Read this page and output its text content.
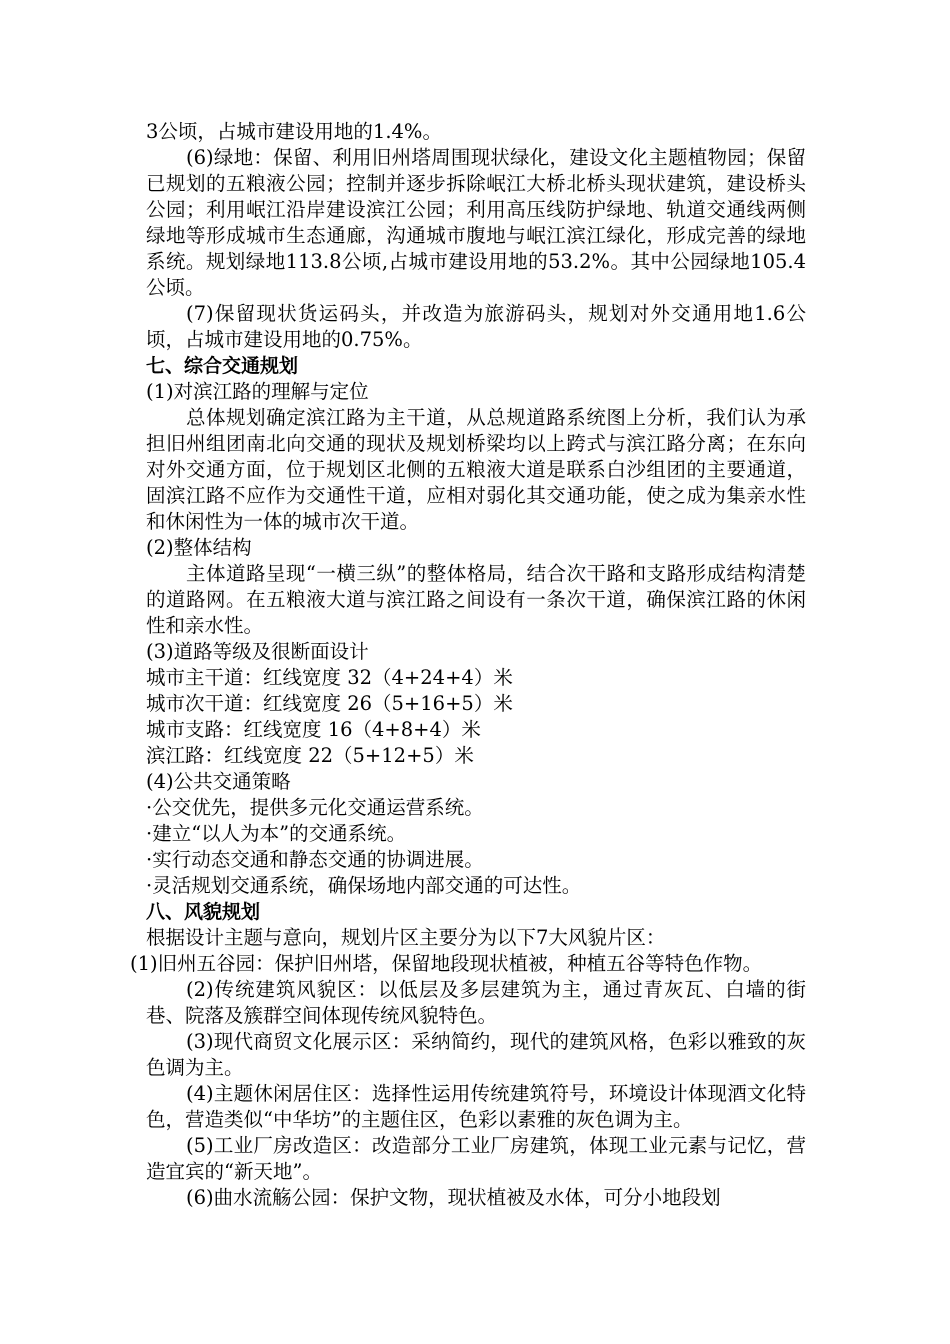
3公顷，占城市建设用地的1.4%。

(6)绿地：保留、利用旧州塔周围现状绿化，建设文化主题植物园；保留已规划的五粮液公园；控制并逐步拆除岷江大桥北桥头现状建筑，建设桥头公园；利用岷江沿岸建设滨江公园；利用高压线防护绿地、轨道交通线两侧绿地等形成城市生态通廊，沟通城市腹地与岷江滨江绿化，形成完善的绿地系统。规划绿地113.8公顷,占城市建设用地的53.2%。其中公园绿地105.4公顷。

(7)保留现状货运码头，并改造为旅游码头，规划对外交通用地1.6公顷，占城市建设用地的0.75%。

七、综合交通规划

(1)对滨江路的理解与定位

总体规划确定滨江路为主干道，从总规道路系统图上分析，我们认为承担旧州组团南北向交通的现状及规划桥梁均以上跨式与滨江路分离；在东向对外交通方面，位于规划区北侧的五粮液大道是联系白沙组团的主要通道，固滨江路不应作为交通性干道，应相对弱化其交通功能，使之成为集亲水性和休闲性为一体的城市次干道。

(2)整体结构

主体道路呈现“一横三纵”的整体格局，结合次干路和支路形成结构清楚的道路网。在五粮液大道与滨江路之间设有一条次干道，确保滨江路的休闲性和亲水性。

(3)道路等级及很断面设计

城市主干道：红线宽度 32（4+24+4）米

城市次干道：红线宽度 26（5+16+5）米

城市支路：红线宽度 16（4+8+4）米

滨江路：红线宽度 22（5+12+5）米

(4)公共交通策略

·公交优先，提供多元化交通运营系统。

·建立“以人为本”的交通系统。

·实行动态交通和静态交通的协调进展。

·灵活规划交通系统，确保场地内部交通的可达性。

八、风貌规划

根据设计主题与意向，规划片区主要分为以下7大风貌片区：

(1)旧州五谷园：保护旧州塔，保留地段现状植被，种植五谷等特色作物。

(2)传统建筑风貌区：以低层及多层建筑为主，通过青灰瓦、白墙的街巷、院落及簇群空间体现传统风貌特色。

(3)现代商贸文化展示区：采纳简约，现代的建筑风格，色彩以雅致的灰色调为主。

(4)主题休闲居住区：选择性运用传统建筑符号，环境设计体现酒文化特色，营造类似“中华坊”的主题住区，色彩以素雅的灰色调为主。

(5)工业厂房改造区：改造部分工业厂房建筑，体现工业元素与记忆，营造宜宾的“新天地”。

(6)曲水流觞公园：保护文物，现状植被及水体，可分小地段划
